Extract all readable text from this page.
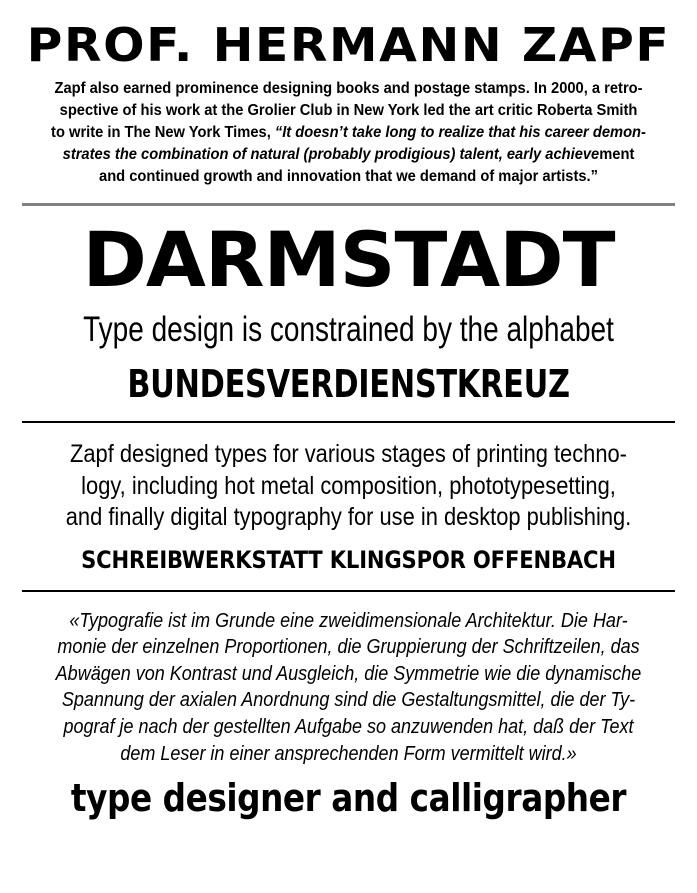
PROF. HERMANN ZAPF
Zapf also earned prominence designing books and postage stamps. In 2000, a retro-
spective of his work at the Grolier Club in New York led the art critic Roberta Smith
to write in The New York Times, “It doesn’t take long to realize that his career demon-
strates the combination of natural (probably prodigious) talent, early achievement
and continued growth and innovation that we demand of major artists.”
DARMSTADT
Type design is constrained by the alphabet
BUNDESVERDIENSTKREUZ
Zapf designed types for various stages of printing techno-
logy, including hot metal composition, phototypesetting,
and finally digital typography for use in desktop publishing.
SCHREIBWERKSTATT KLINGSPOR OFFENBACH
«Typografie ist im Grunde eine zweidimensionale Architektur. Die Har-
monie der einzelnen Proportionen, die Gruppierung der Schriftzeilen, das
Abwägen von Kontrast und Ausgleich, die Symmetrie wie die dynamische
Spannung der axialen Anordnung sind die Gestaltungsmittel, die der Ty-
pograf je nach der gestellten Aufgabe so anzuwenden hat, daß der Text
dem Leser in einer ansprechenden Form vermittelt wird.»
type designer and calligrapher
